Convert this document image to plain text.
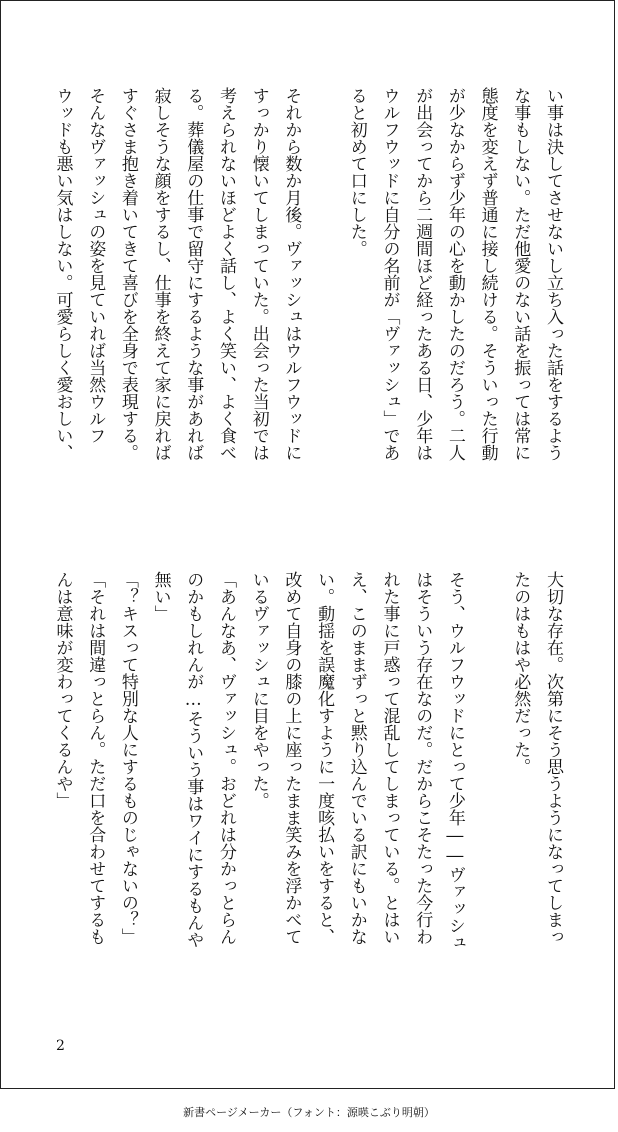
い事は決してさせないし立ち入った話をするよう
な事もしない。ただ他愛のない話を振っては常に
態度を変えず普通に接し続ける。そういった行動
が少なからず少年の心を動かしたのだろう。二人
が出会ってから二週間ほど経ったある日、少年は
ウルフウッドに自分の名前が「ヴァッシュ」であ
ると初めて口にした。
それから数か月後。ヴァッシュはウルフウッドに
すっかり懐いてしまっていた。出会った当初では
考えられないほどよく話し、よく笑い、よく食べ
る。葬儀屋の仕事で留守にするような事があれば
寂しそうな顔をするし、仕事を終えて家に戻れば
すぐさま抱き着いてきて喜びを全身で表現する。
そんなヴァッシュの姿を見ていれば当然ウルフ
ウッドも悪い気はしない。可愛らしく愛おしい、
大切な存在。次第にそう思うようになってしまっ
たのはもはや必然だった。
そう、ウルフウッドにとって少年――ヴァッシュ
はそういう存在なのだ。だからこそたった今行わ
れた事に戸惑って混乱してしまっている。とはい
え、このままずっと黙り込んでいる訳にもいかな
い。動揺を誤魔化すように一度咳払いをすると、
改めて自身の膝の上に座ったまま笑みを浮かべて
いるヴァッシュに目をやった。
「あんなあ、ヴァッシュ。おどれは分かっとらん
のかもしれんが…そういう事はワイにするもんや
無い」
「？キスって特別な人にするものじゃないの？」
「それは間違っとらん。ただ口を合わせてするも
んは意味が変わってくるんや」
2
新書ページメーカー（フォント：源暎こぶり明朝）
